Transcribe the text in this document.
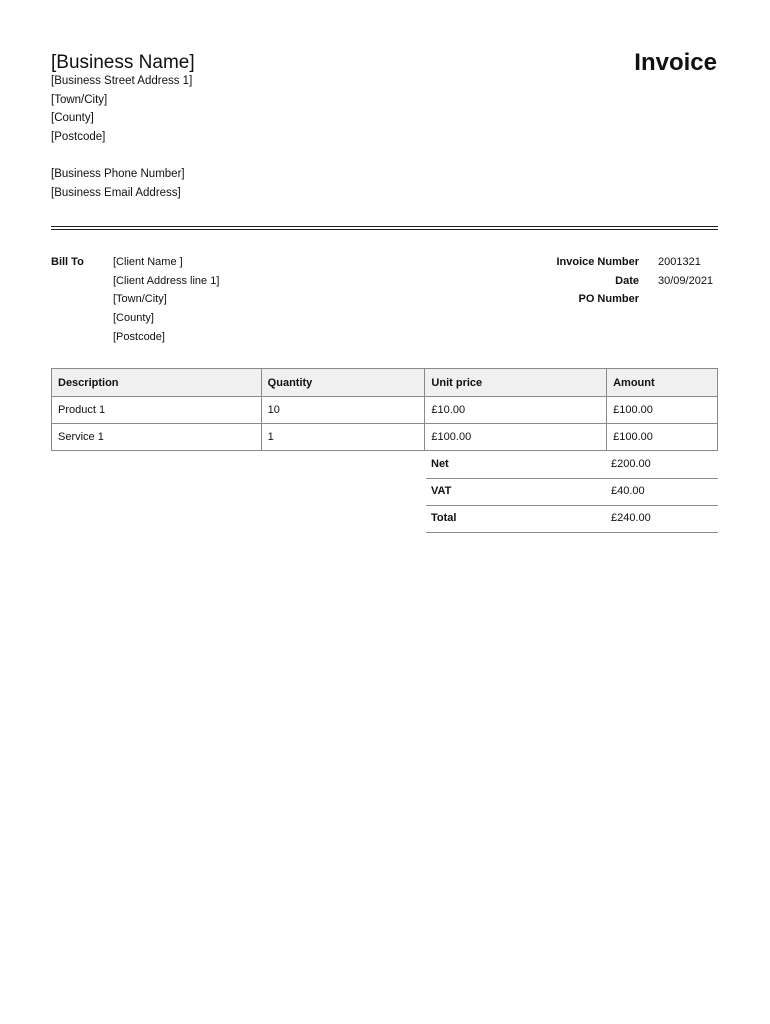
[Business Name]
[Business Street Address 1]
[Town/City]
[County]
[Postcode]
[Business Phone Number]
[Business Email Address]
Invoice
Bill To	[Client Name ]
[Client Address line 1]
[Town/City]
[County]
[Postcode]
Invoice Number 2001321
Date 30/09/2021
PO Number
Description	Quantity	Unit price	Amount
Product 1	10	£10.00	£100.00
Service 1	1	£100.00	£100.00
Net	£200.00
VAT	£40.00
Total	£240.00
